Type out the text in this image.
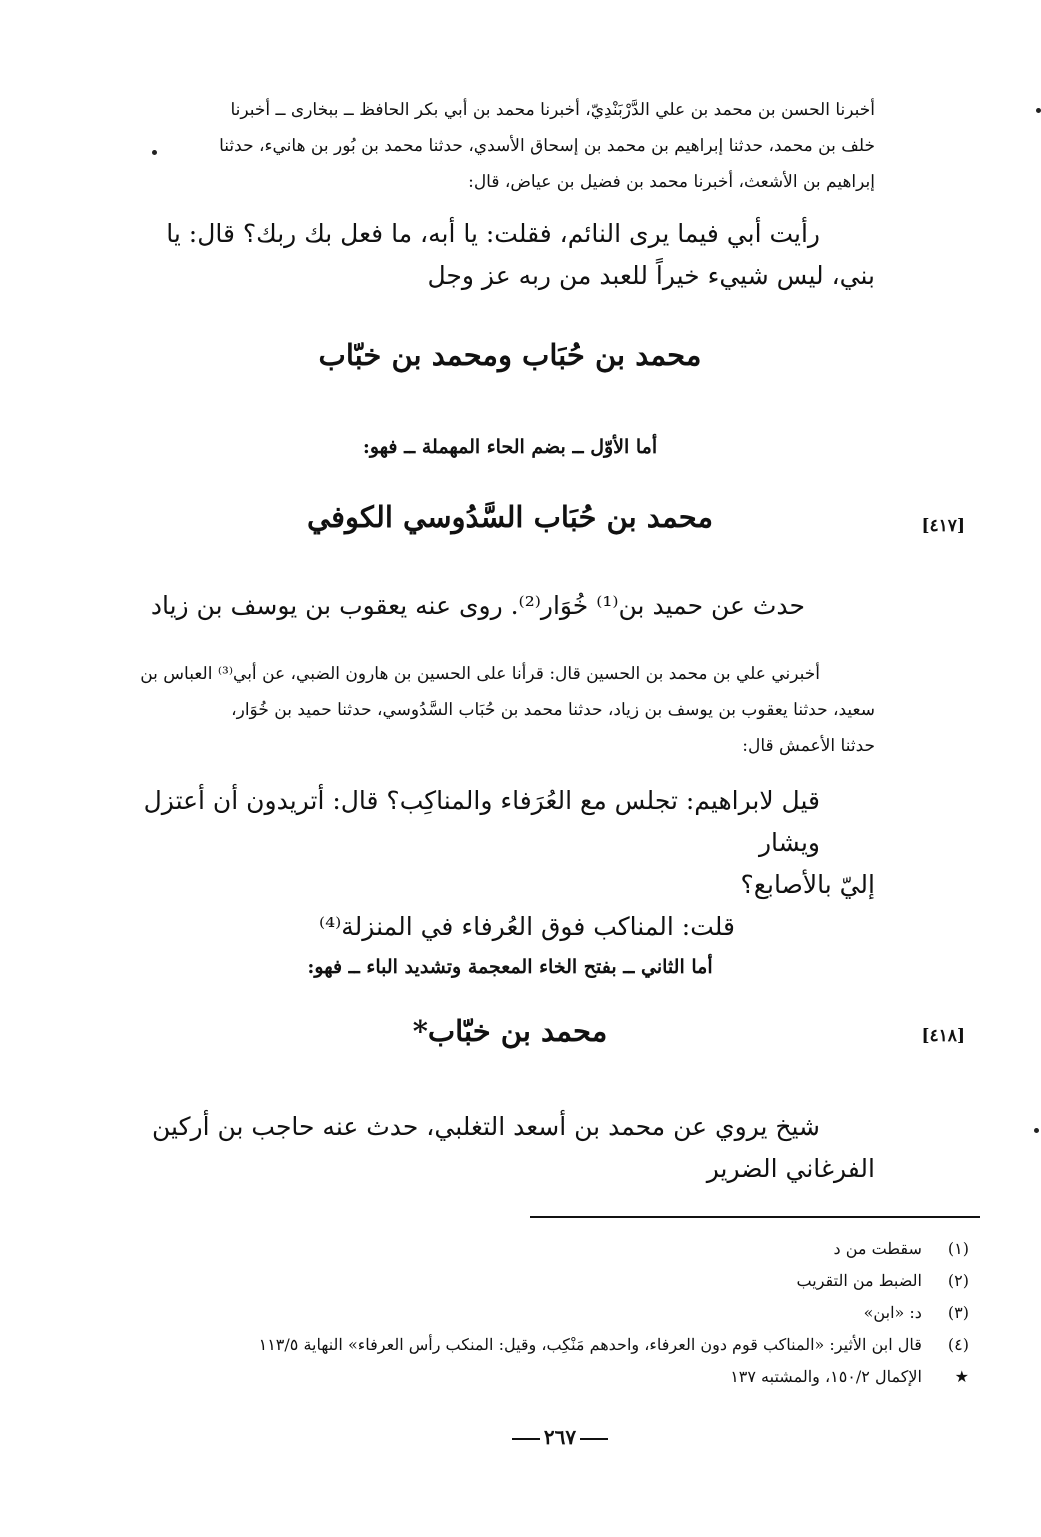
أخبرنا الحسن بن محمد بن علي الدَّرْبَنْدِيّ، أخبرنا محمد بن أبي بكر الحافظ ــ ببخارى ــ أخبرنا
خلف بن محمد، حدثنا إبراهيم بن محمد بن إسحاق الأسدي، حدثنا محمد بن بُور بن هانيء، حدثنا
إبراهيم بن الأشعث، أخبرنا محمد بن فضيل بن عياض، قال:
رأيت أبي فيما يرى النائم، فقلت: يا أبه، ما فعل بك ربك؟ قال: يا
بني، ليس شييء خيراً للعبد من ربه عز وجل
محمد بن حُبَاب ومحمد بن خبّاب
أما الأوّل ــ بضم الحاء المهملة ــ فهو:
[٤١٧]
محمد بن حُبَاب السَّدُوسي الكوفي
حدث عن حميد بن⁽¹⁾ خُوَار⁽²⁾. روى عنه يعقوب بن يوسف بن زياد
أخبرني علي بن محمد بن الحسين قال: قرأنا على الحسين بن هارون الضبي، عن أبي⁽³⁾ العباس بن
سعيد، حدثنا يعقوب بن يوسف بن زياد، حدثنا محمد بن حُبَاب السَّدُوسي، حدثنا حميد بن خُوَار،
حدثنا الأعمش قال:
قيل لابراهيم: تجلس مع العُرَفاء والمناكِب؟ قال: أتريدون أن أعتزل ويشار
إليّ بالأصابع؟
قلت: المناكب فوق العُرفاء في المنزلة⁽⁴⁾
أما الثاني ــ بفتح الخاء المعجمة وتشديد الباء ــ فهو:
[٤١٨]
محمد بن خبّاب*
شيخ يروي عن محمد بن أسعد التغلبي، حدث عنه حاجب بن أركين
الفرغاني الضرير
(١) سقطت من د
(٢) الضبط من التقريب
(٣) د: «ابن»
(٤) قال ابن الأثير: «المناكب قوم دون العرفاء، واحدهم مَنْكِب، وقيل: المنكب رأس العرفاء» النهاية ١١٣/٥
★ الإكمال ١٥٠/٢، والمشتبه ١٣٧
٢٦٧
